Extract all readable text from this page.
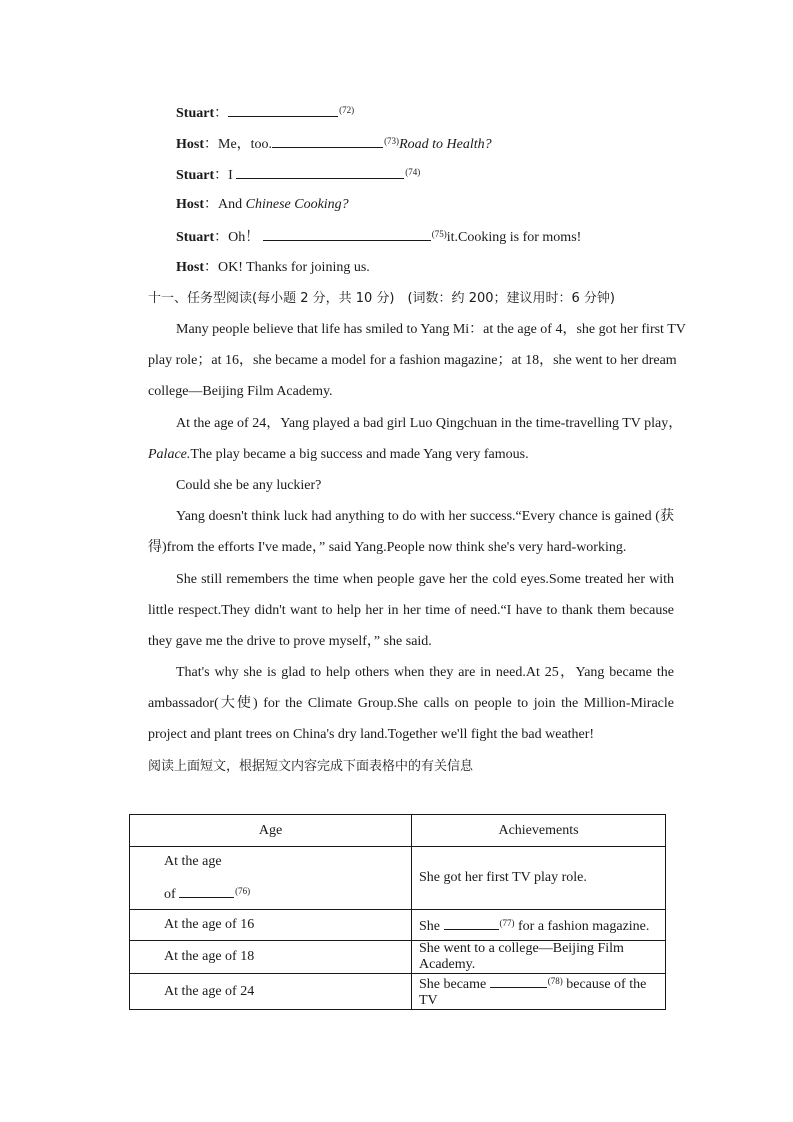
Stuart：	$^{(72)}$
Host：Me，too.	$^{(73)}$Road to Health?
Stuart：I	$^{(74)}$
Host：And Chinese Cooking?
Stuart：Oh！	$^{(75)}$it.Cooking is for moms!
Host：OK! Thanks for joining us.
十一、任务型阅读(每小题 2 分，共 10 分)　(词数：约 200；建议用时：6 分钟)
Many people believe that life has smiled to Yang Mi：at the age of 4，she got her first TV
play role；at 16，she became a model for a fashion magazine；at 18，she went to her dream
college—Beijing Film Academy.
At the age of 24，Yang played a bad girl Luo Qingchuan in the time-travelling TV play，
Palace.The play became a big success and made Yang very famous.
Could she be any luckier?
Yang doesn't think luck had anything to do with her success.“Every chance is gained (获
得)from the efforts I've made，” said Yang.People now think she's very hard-working.
She still remembers the time when people gave her the cold eyes.Some treated her with
little respect.They didn't want to help her in her time of need.“I have to thank them because
they gave me the drive to prove myself，” she said.
That's why she is glad to help others when they are in need.At 25，Yang became the
ambassador(大使) for the Climate Group.She calls on people to join the Million-Miracle
project and plant trees on China's dry land.Together we'll fight the bad weather!
阅读上面短文，根据短文内容完成下面表格中的有关信息
Age	Achievements

At the age
of $^{(76)}$	She got her first TV play role.
At the age of 16	She $^{(77)}$ for a fashion magazine.
At the age of 18	She went to a college—Beijing Film Academy.
At the age of 24	She became $^{(78)}$ because of the TV
